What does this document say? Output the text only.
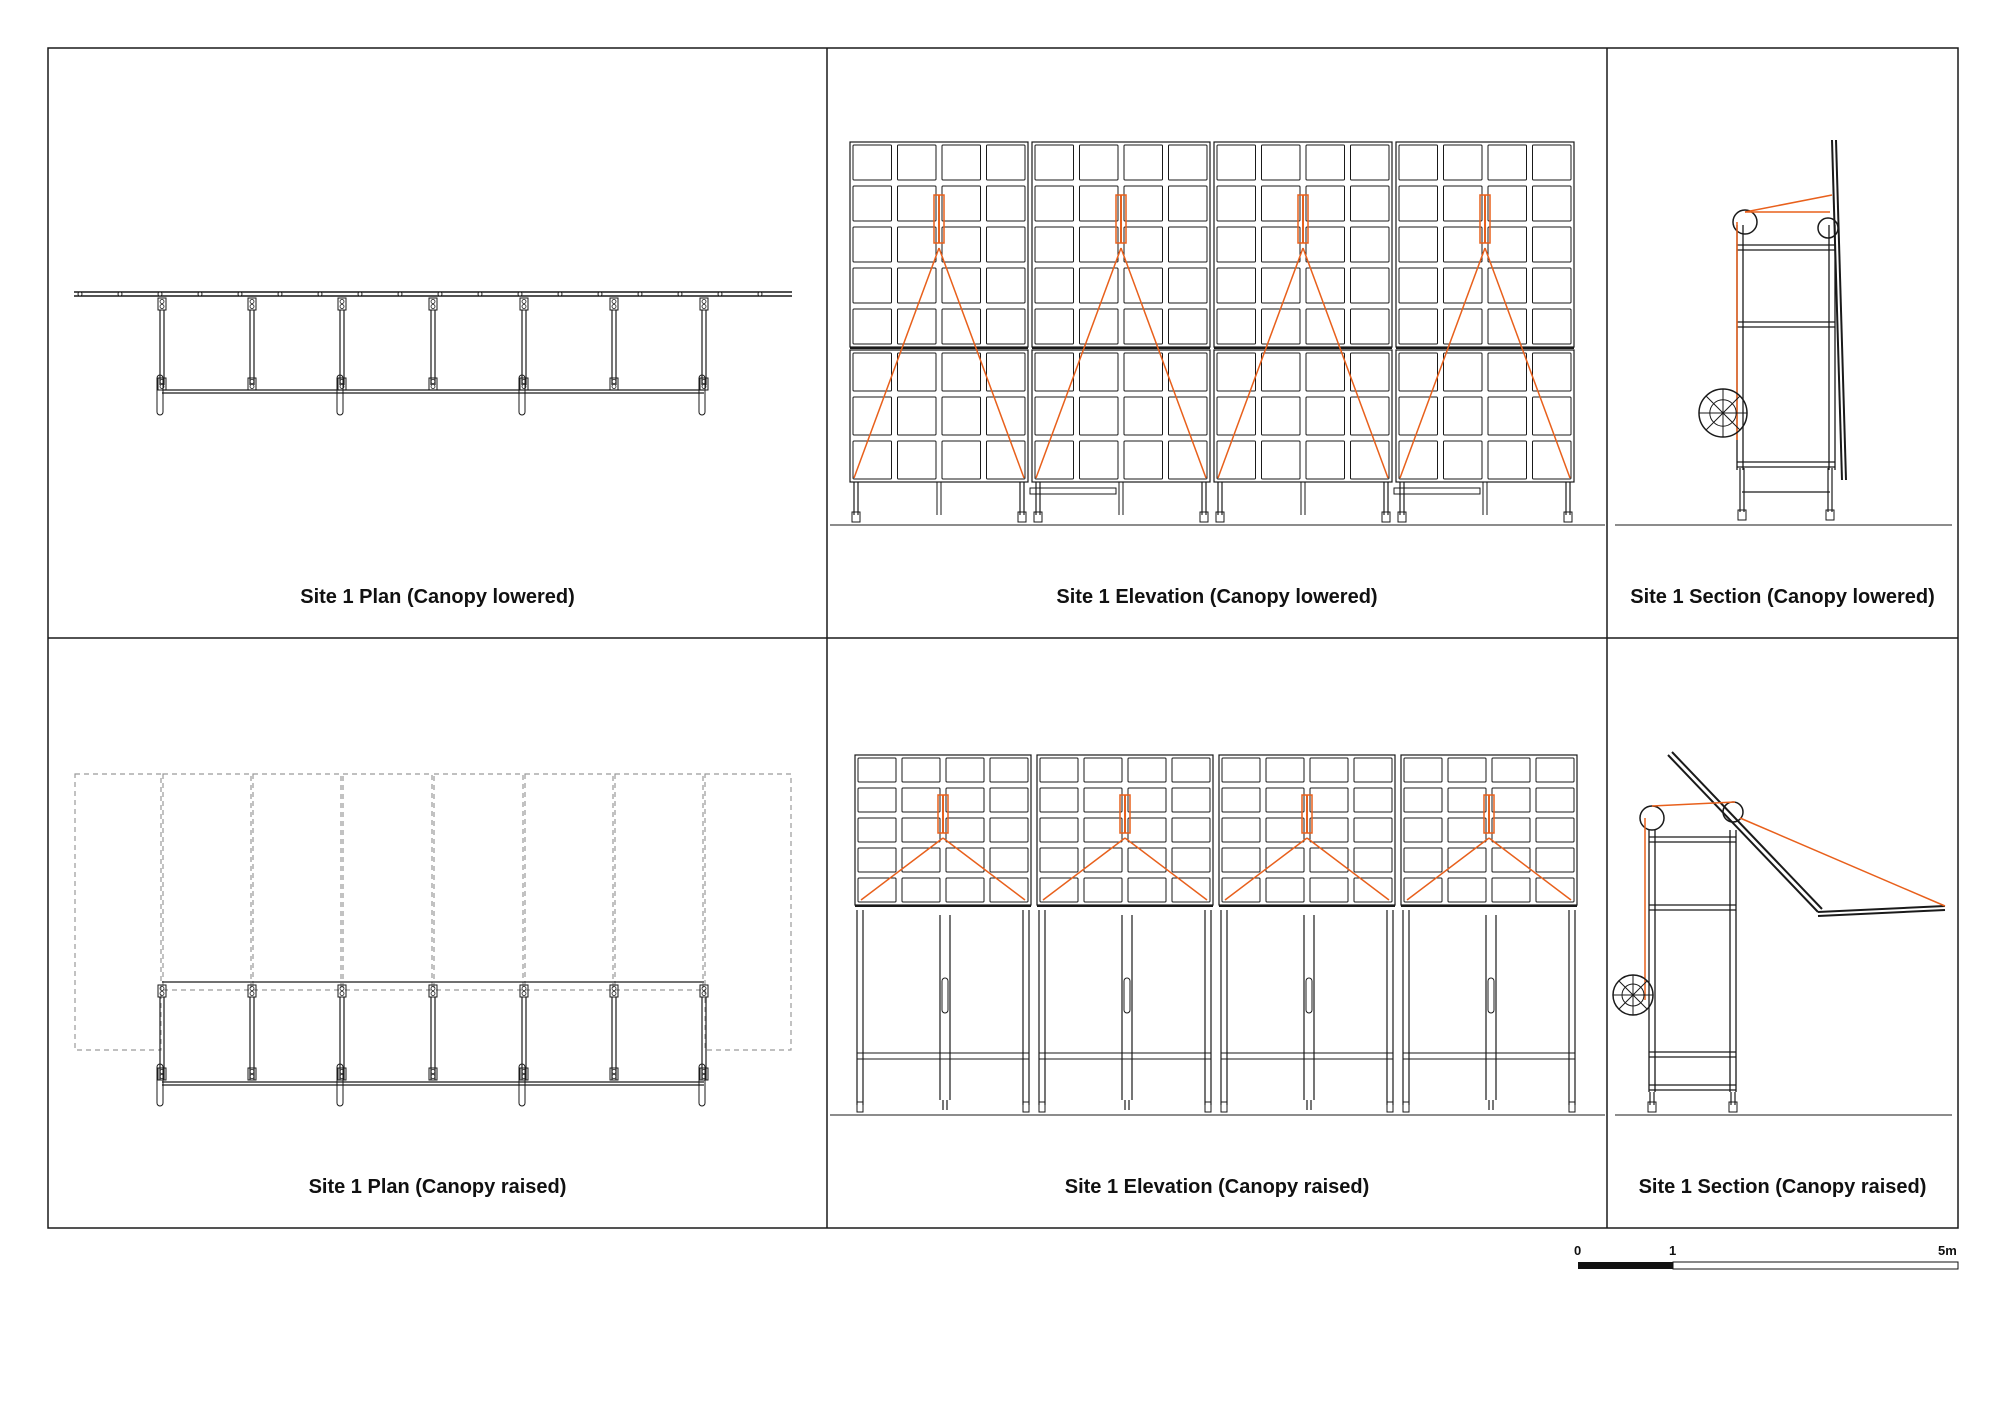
Site 1 Plan (Canopy lowered)	Site 1 Elevation (Canopy lowered)	Site 1 Section (Canopy lowered)
Site 1 Plan (Canopy raised)	Site 1 Elevation (Canopy raised)	Site 1 Section (Canopy raised)
0	1	5m
